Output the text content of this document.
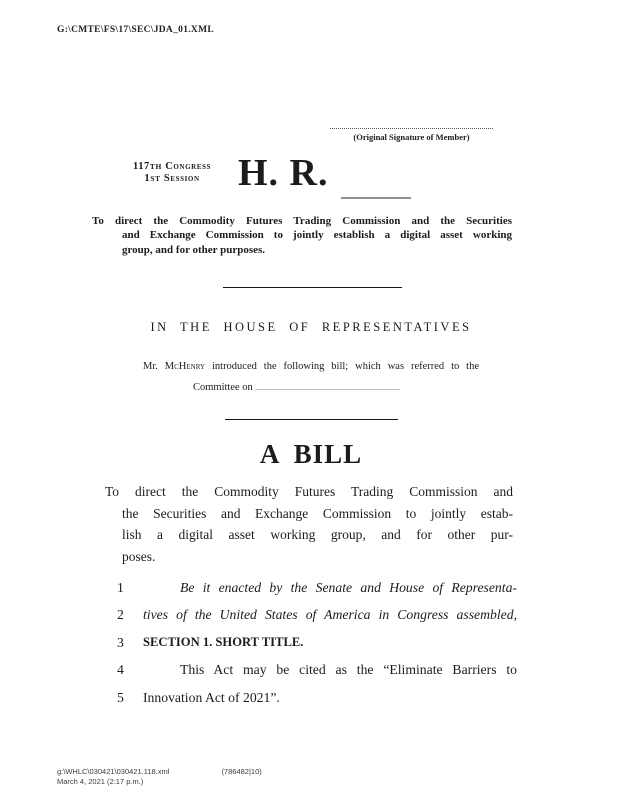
G:\CMTE\FS\17\SEC\JDA_01.XML
(Original Signature of Member)
117TH Congress
1ST Session	H. R.
To direct the Commodity Futures Trading Commission and the Securities
and Exchange Commission to jointly establish a digital asset working
group, and for other purposes.
IN THE HOUSE OF REPRESENTATIVES
Mr. McHenry introduced the following bill; which was referred to the
Committee on
A BILL
To direct the Commodity Futures Trading Commission and
the Securities and Exchange Commission to jointly estab-
lish a digital asset working group, and for other pur-
poses.
1	Be it enacted by the Senate and House of Representa-
2	tives of the United States of America in Congress assembled,
3	SECTION 1. SHORT TITLE.
4	This Act may be cited as the “Eliminate Barriers to
5	Innovation Act of 2021”.
g:\WHLC\030421\030421.118.xml	(786482|10)
March 4, 2021 (2:17 p.m.)
